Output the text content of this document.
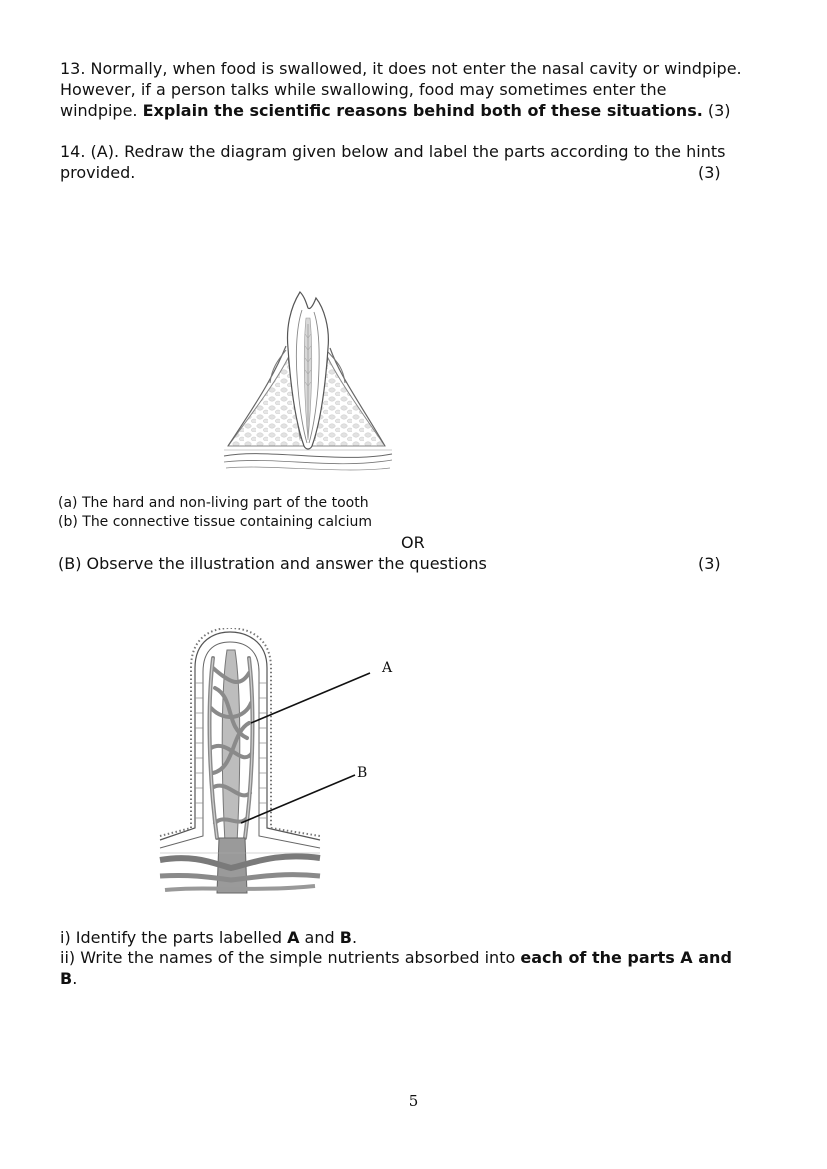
13. Normally, when food is swallowed, it does not enter the nasal cavity or windpipe.
However, if a person talks while swallowing, food may sometimes enter the
windpipe. Explain the scientific reasons behind both of these situations. (3)
14. (A). Redraw the diagram given below and label the parts according to the hints
provided.	(3)
(a) The hard and non-living part of the tooth
(b) The connective tissue containing calcium
OR
(B) Observe the illustration and answer the questions	(3)
A
B
i) Identify the parts labelled A and B.
ii) Write the names of the simple nutrients absorbed into each of the parts A and
B.
5
